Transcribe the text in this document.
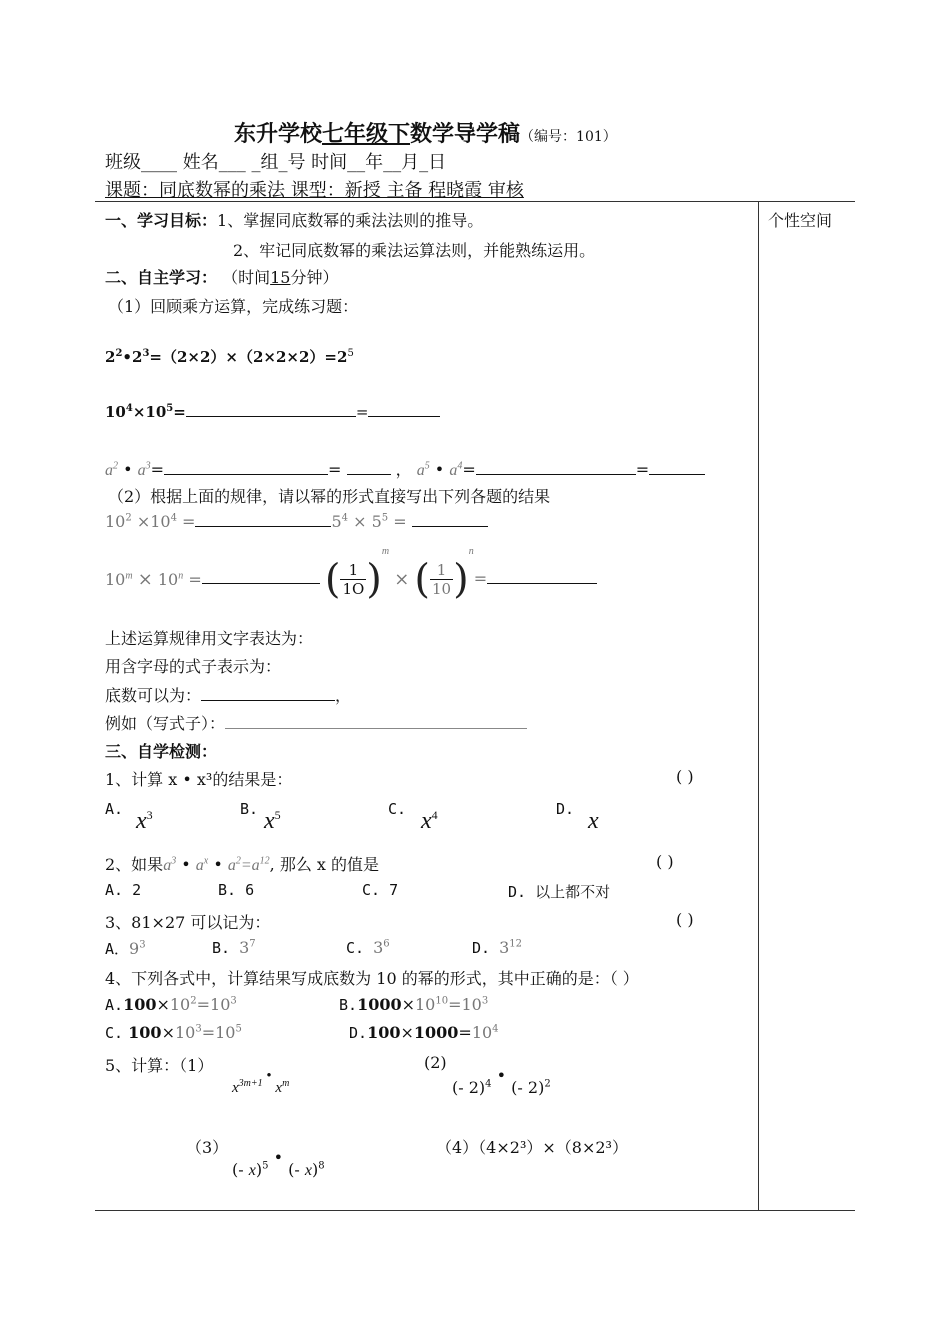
东升学校七年级下数学导学稿（编号：101）
班级____ 姓名___ _组_号 时间__年__月_日
课题：同底数幂的乘法 课型：新授 主备 程晓霞 审核
个性空间
一、学习目标：1、掌握同底数幂的乘法法则的推导。
2、牢记同底数幂的乘法运算法则，并能熟练运用。
二、自主学习： （时间15分钟）
（1）回顾乘方运算，完成练习题：
$2^2•2^3=(2\times 2)\times(2\times 2\times 2)=2^5$
$10^4\times 10^5=$	=
$a^2$ • $a^3=$	=	， $a^5$ • $a^4=$	=
（2）根据上面的规律，请以幂的形式直接写出下列各题的结果
$10^2 \times 10^4$ =	$5^4 \times 5^5$ =
$10^m \times 10^n$ =	( $\frac{1}{1O} )^m$ × ( $\frac{1}{10} )^n=$
上述运算规律用文字表达为：
用含字母的式子表示为：
底数可以为：	，
例如（写式子）：
三、自学检测：
1、计算 x • x³的结果是：	( )
A. $x^3$	B. $x^5$	C. $x^4$	D. x
2、如果$a^3$ • $a^x$ • $a^2=a^{12}$, 那么 x 的值是	( )
A. 2	B. 6	C. 7	D. 以上都不对
3、81×27 可以记为：	( )
A．$9^3$	B. $3^7$	C. $3^6$	D. $3^{12}$
4、下列各式中，计算结果写成底数为 10 的幂的形式，其中正确的是：（ ）
$A.100\times 10^2=10^3$	$B.1000\times 10^{10}=10^3$
C. $100\times 10^3=10^5$	$D.100\times 1000=10^4$
5、计算：（1）
$x^{3m+1}$ • $x^m$
(2)
(- 2)$^4$ • (- 2)$^2$
（3）
(- x)$^5$ • (- x)$^8$
（4）（4×2³）×（8×2³）
